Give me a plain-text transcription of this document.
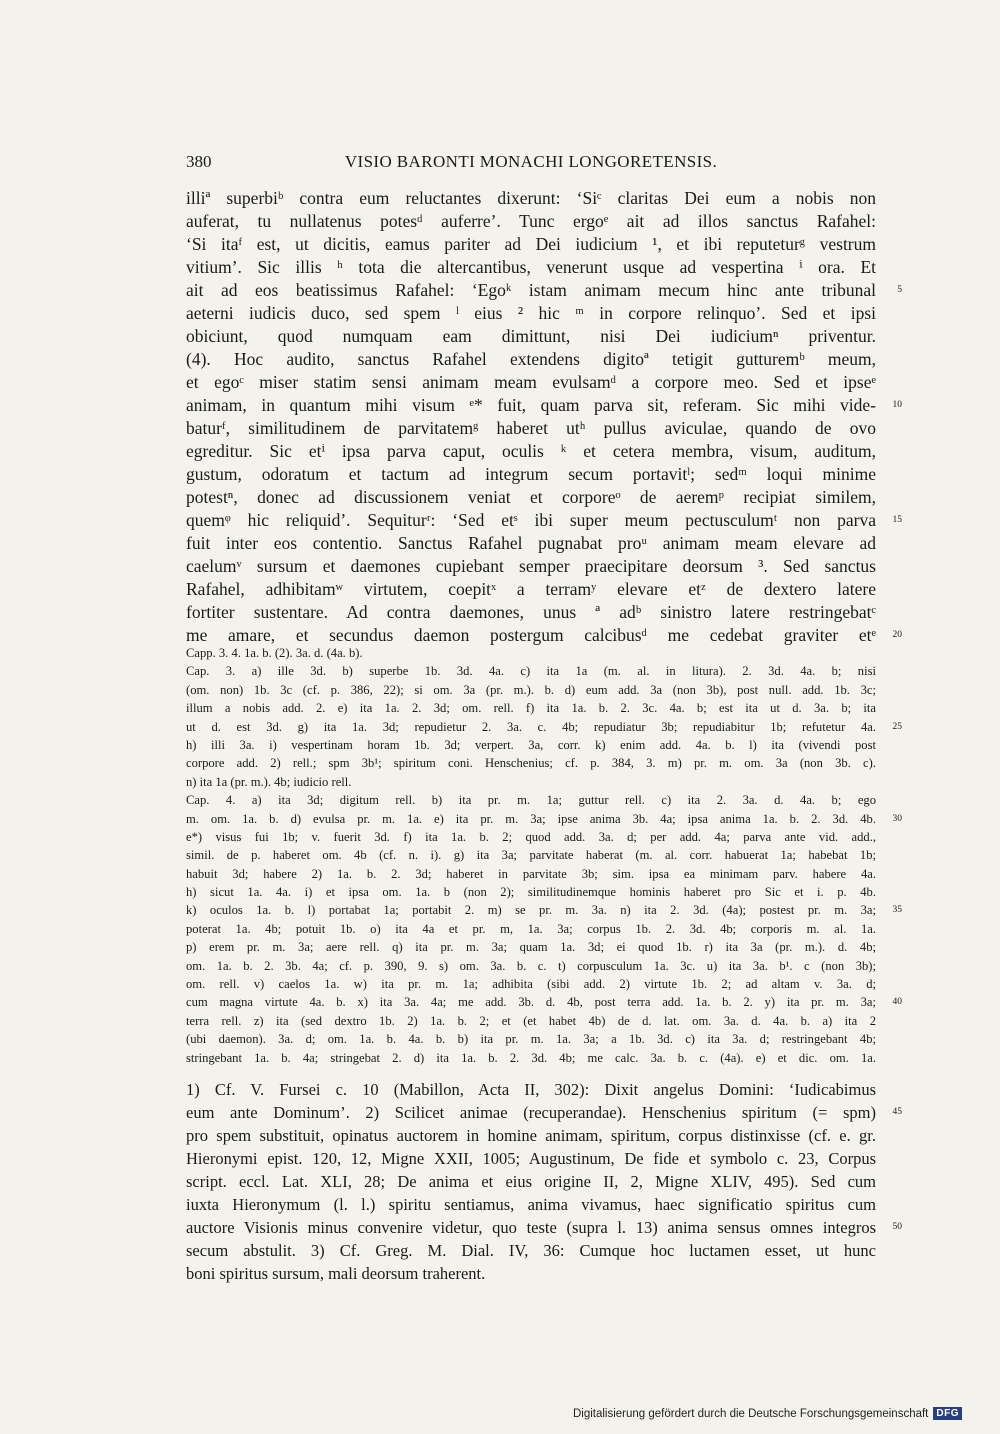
380	VISIO BARONTI MONACHI LONGORETENSIS.
illiª superbiᵇ contra eum reluctantes dixerunt: ‘Siᶜ claritas Dei eum a nobis non
auferat, tu nullatenus potesᵈ auferre’. Tunc ergoᵉ ait ad illos sanctus Rafahel:
‘Si itaᶠ est, ut dicitis, eamus pariter ad Dei iudicium ¹, et ibi reputeturᵍ vestrum
vitium’. Sic illis ʰ tota die altercantibus, venerunt usque ad vespertina ⁱ ora. Et
ait ad eos beatissimus Rafahel: ‘Egoᵏ istam animam mecum hinc ante tribunal 5
aeterni iudicis duco, sed spem ˡ eius ² hic ᵐ in corpore relinquo’. Sed et ipsi
obiciunt, quod numquam eam dimittunt, nisi Dei iudiciumⁿ priventur.
(4). Hoc audito, sanctus Rafahel extendens digitoª tetigit gutturemᵇ meum,
et egoᶜ miser statim sensi animam meam evulsamᵈ a corpore meo. Sed et ipseᵉ
animam, in quantum mihi visum ᵉ* fuit, quam parva sit, referam. Sic mihi vide- 10
baturᶠ, similitudinem de parvitatemᵍ haberet utʰ pullus aviculae, quando de ovo
egreditur. Sic etⁱ ipsa parva caput, oculis ᵏ et cetera membra, visum, auditum,
gustum, odoratum et tactum ad integrum secum portavitˡ; sedᵐ loqui minime
potestⁿ, donec ad discussionem veniat et corporeᵒ de aeremᵖ recipiat similem,
quemᵠ hic reliquid’. Sequiturʳ: ‘Sed etˢ ibi super meum pectusculumᵗ non parva 15
fuit inter eos contentio. Sanctus Rafahel pugnabat proᵘ animam meam elevare ad
caelumᵛ sursum et daemones cupiebant semper praecipitare deorsum ³. Sed sanctus
Rafahel, adhibitamʷ virtutem, coepitˣ a terramʸ elevare etᶻ de dextero latere
fortiter sustentare. Ad contra daemones, unus ª adᵇ sinistro latere restringebatᶜ
me amare, et secundus daemon postergum calcibusᵈ me cedebat graviter etᵉ 20
Capp. 3. 4. 1a. b. (2). 3a. d. (4a. b).
Cap. 3. a) ille 3d. b) superbe 1b. 3d. 4a. c) ita 1a (m. al. in litura). 2. 3d. 4a. b; nisi
(om. non) 1b. 3c (cf. p. 386, 22); si om. 3a (pr. m.). b. d) eum add. 3a (non 3b), post null. add. 1b. 3c;
illum a nobis add. 2. e) ita 1a. 2. 3d; om. rell. f) ita 1a. b. 2. 3c. 4a. b; est ita ut d. 3a. b; ita
ut d. est 3d. g) ita 1a. 3d; repudietur 2. 3a. c. 4b; repudiatur 3b; repudiabitur 1b; refutetur 4a. 25
h) illi 3a. i) vespertinam horam 1b. 3d; verpert. 3a, corr. k) enim add. 4a. b. l) ita (vivendi post
corpore add. 2) rell.; spm 3b¹; spiritum coni. Henschenius; cf. p. 384, 3. m) pr. m. om. 3a (non 3b. c).
n) ita 1a (pr. m.). 4b; iudicio rell.
Cap. 4. a) ita 3d; digitum rell. b) ita pr. m. 1a; guttur rell. c) ita 2. 3a. d. 4a. b; ego
m. om. 1a. b. d) evulsa pr. m. 1a. e) ita pr. m. 3a; ipse anima 3b. 4a; ipsa anima 1a. b. 2. 3d. 4b. 30
e*) visus fui 1b; v. fuerit 3d. f) ita 1a. b. 2; quod add. 3a. d; per add. 4a; parva ante vid. add.,
simil. de p. haberet om. 4b (cf. n. i). g) ita 3a; parvitate haberat (m. al. corr. habuerat 1a; habebat 1b;
habuit 3d; habere 2) 1a. b. 2. 3d; haberet in parvitate 3b; sim. ipsa ea minimam parv. habere 4a.
h) sicut 1a. 4a. i) et ipsa om. 1a. b (non 2); similitudinemque hominis haberet pro Sic et i. p. 4b.
k) oculos 1a. b. l) portabat 1a; portabit 2. m) se pr. m. 3a. n) ita 2. 3d. (4a); postest pr. m. 3a; 35
poterat 1a. 4b; potuit 1b. o) ita 4a et pr. m, 1a. 3a; corpus 1b. 2. 3d. 4b; corporis m. al. 1a.
p) erem pr. m. 3a; aere rell. q) ita pr. m. 3a; quam 1a. 3d; ei quod 1b. r) ita 3a (pr. m.). d. 4b;
om. 1a. b. 2. 3b. 4a; cf. p. 390, 9. s) om. 3a. b. c. t) corpusculum 1a. 3c. u) ita 3a. b¹. c (non 3b);
om. rell. v) caelos 1a. w) ita pr. m. 1a; adhibita (sibi add. 2) virtute 1b. 2; ad altam v. 3a. d;
cum magna virtute 4a. b. x) ita 3a. 4a; me add. 3b. d. 4b, post terra add. 1a. b. 2. y) ita pr. m. 3a; 40
terra rell. z) ita (sed dextro 1b. 2) 1a. b. 2; et (et habet 4b) de d. lat. om. 3a. d. 4a. b. a) ita 2
(ubi daemon). 3a. d; om. 1a. b. 4a. b. b) ita pr. m. 1a. 3a; a 1b. 3d. c) ita 3a. d; restringebant 4b;
stringebant 1a. b. 4a; stringebat 2. d) ita 1a. b. 2. 3d. 4b; me calc. 3a. b. c. (4a). e) et dic. om. 1a.
1) Cf. V. Fursei c. 10 (Mabillon, Acta II, 302): Dixit angelus Domini: ‘Iudicabimus
eum ante Dominum’. 2) Scilicet animae (recuperandae). Henschenius spiritum (= spm) 45
pro spem substituit, opinatus auctorem in homine animam, spiritum, corpus distinxisse (cf. e. gr.
Hieronymi epist. 120, 12, Migne XXII, 1005; Augustinum, De fide et symbolo c. 23, Corpus
script. eccl. Lat. XLI, 28; De anima et eius origine II, 2, Migne XLIV, 495). Sed cum
iuxta Hieronymum (l. l.) spiritu sentiamus, anima vivamus, haec significatio spiritus cum
auctore Visionis minus convenire videtur, quo teste (supra l. 13) anima sensus omnes integros 50
secum abstulit. 3) Cf. Greg. M. Dial. IV, 36: Cumque hoc luctamen esset, ut hunc
boni spiritus sursum, mali deorsum traherent.
Digitalisierung gefördert durch die Deutsche Forschungsgemeinschaft DFG
